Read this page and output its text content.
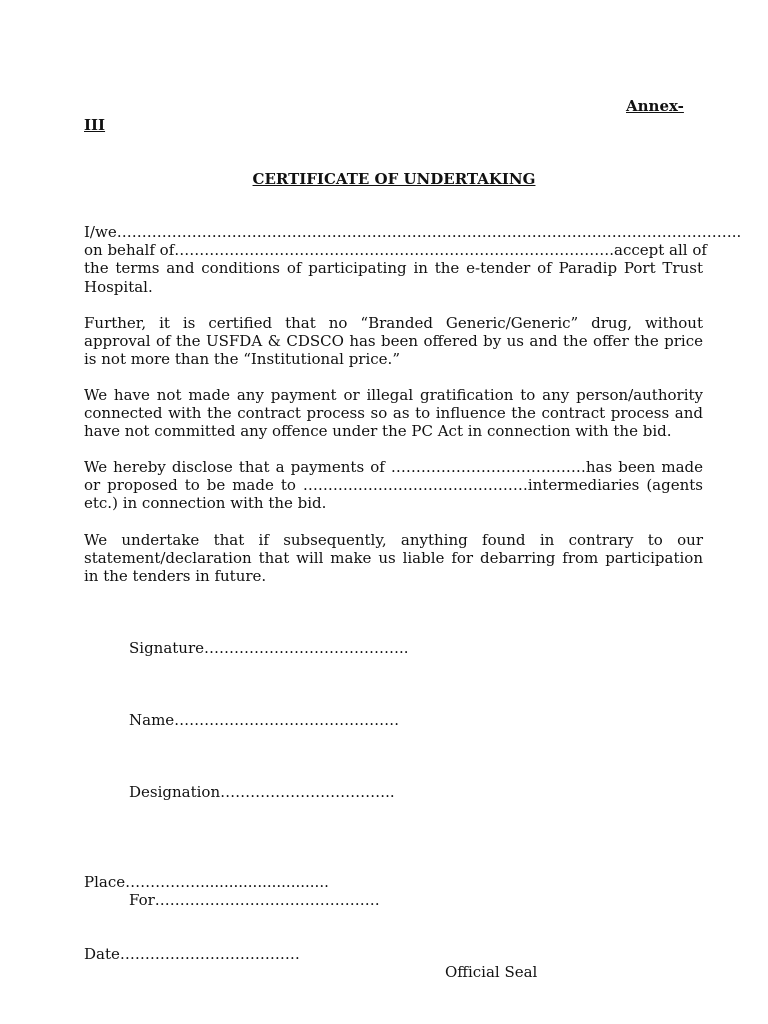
Annex-
III
CERTIFICATE OF UNDERTAKING
I/we……………………………………………………………………………………………………………..
on behalf of…………………………………………………………………………….accept all of
the terms and conditions of participating in the e-tender of Paradip Port Trust
Hospital.
Further, it is certified that no “Branded Generic/Generic” drug, without
approval of the USFDA & CDSCO has been offered by us and the offer the price
is not more than the “Institutional price.”
We have not made any payment or illegal gratification to any person/authority
connected with the contract process so as to influence the contract process and
have not committed any offence under the PC Act in connection with the bid.
We hereby disclose that a payments of …………………………………has been made
or proposed to be made to ………………………………………intermediaries (agents
etc.) in connection with the bid.
We undertake that if subsequently, anything found in contrary to our
statement/declaration that will make us liable for debarring from participation
in the tenders in future.
Signature…………………………………..
Name………………………………………
Designation……………………………..
Place……………...........................
For………………………………………
Date………………………………
Official Seal
